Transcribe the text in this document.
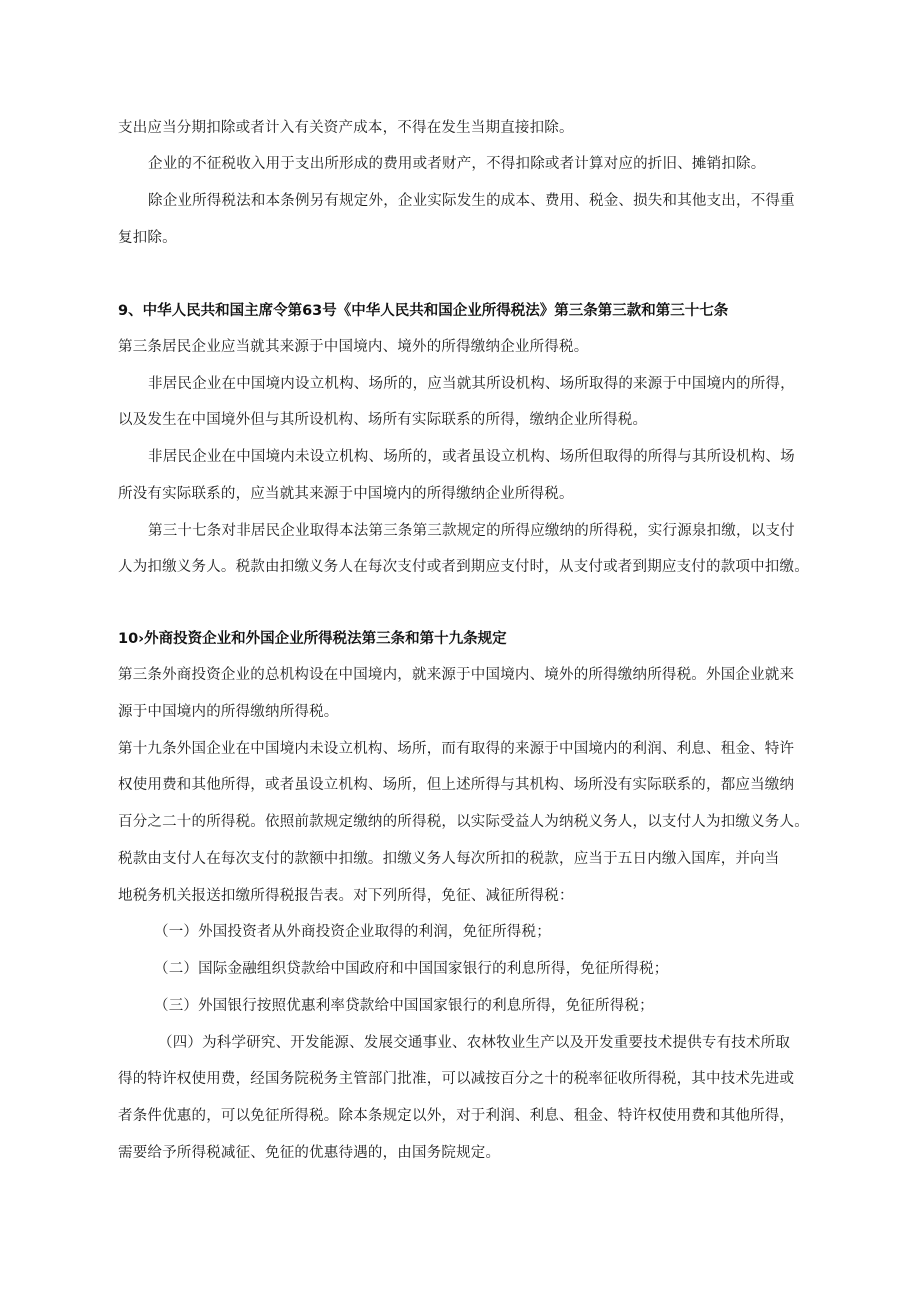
支出应当分期扣除或者计入有关资产成本，不得在发生当期直接扣除。
企业的不征税收入用于支出所形成的费用或者财产，不得扣除或者计算对应的折旧、摊销扣除。
除企业所得税法和本条例另有规定外，企业实际发生的成本、费用、税金、损失和其他支出，不得重
复扣除。
9、中华人民共和国主席令第63号《中华人民共和国企业所得税法》第三条第三款和第三十七条
第三条居民企业应当就其来源于中国境内、境外的所得缴纳企业所得税。
非居民企业在中国境内设立机构、场所的，应当就其所设机构、场所取得的来源于中国境内的所得，
以及发生在中国境外但与其所设机构、场所有实际联系的所得，缴纳企业所得税。
非居民企业在中国境内未设立机构、场所的，或者虽设立机构、场所但取得的所得与其所设机构、场
所没有实际联系的，应当就其来源于中国境内的所得缴纳企业所得税。
第三十七条对非居民企业取得本法第三条第三款规定的所得应缴纳的所得税，实行源泉扣缴，以支付
人为扣缴义务人。税款由扣缴义务人在每次支付或者到期应支付时，从支付或者到期应支付的款项中扣缴。
10›外商投资企业和外国企业所得税法第三条和第十九条规定
第三条外商投资企业的总机构设在中国境内，就来源于中国境内、境外的所得缴纳所得税。外国企业就来
源于中国境内的所得缴纳所得税。
第十九条外国企业在中国境内未设立机构、场所，而有取得的来源于中国境内的利润、利息、租金、特许
权使用费和其他所得，或者虽设立机构、场所，但上述所得与其机构、场所没有实际联系的，都应当缴纳
百分之二十的所得税。依照前款规定缴纳的所得税，以实际受益人为纳税义务人，以支付人为扣缴义务人。
税款由支付人在每次支付的款额中扣缴。扣缴义务人每次所扣的税款，应当于五日内缴入国库，并向当
地税务机关报送扣缴所得税报告表。对下列所得，免征、减征所得税：
（一）外国投资者从外商投资企业取得的利润，免征所得税；
（二）国际金融组织贷款给中国政府和中国国家银行的利息所得，免征所得税；
（三）外国银行按照优惠利率贷款给中国国家银行的利息所得，免征所得税；
（四）为科学研究、开发能源、发展交通事业、农林牧业生产以及开发重要技术提供专有技术所取
得的特许权使用费，经国务院税务主管部门批准，可以减按百分之十的税率征收所得税，其中技术先进或
者条件优惠的，可以免征所得税。除本条规定以外，对于利润、利息、租金、特许权使用费和其他所得，
需要给予所得税减征、免征的优惠待遇的，由国务院规定。
